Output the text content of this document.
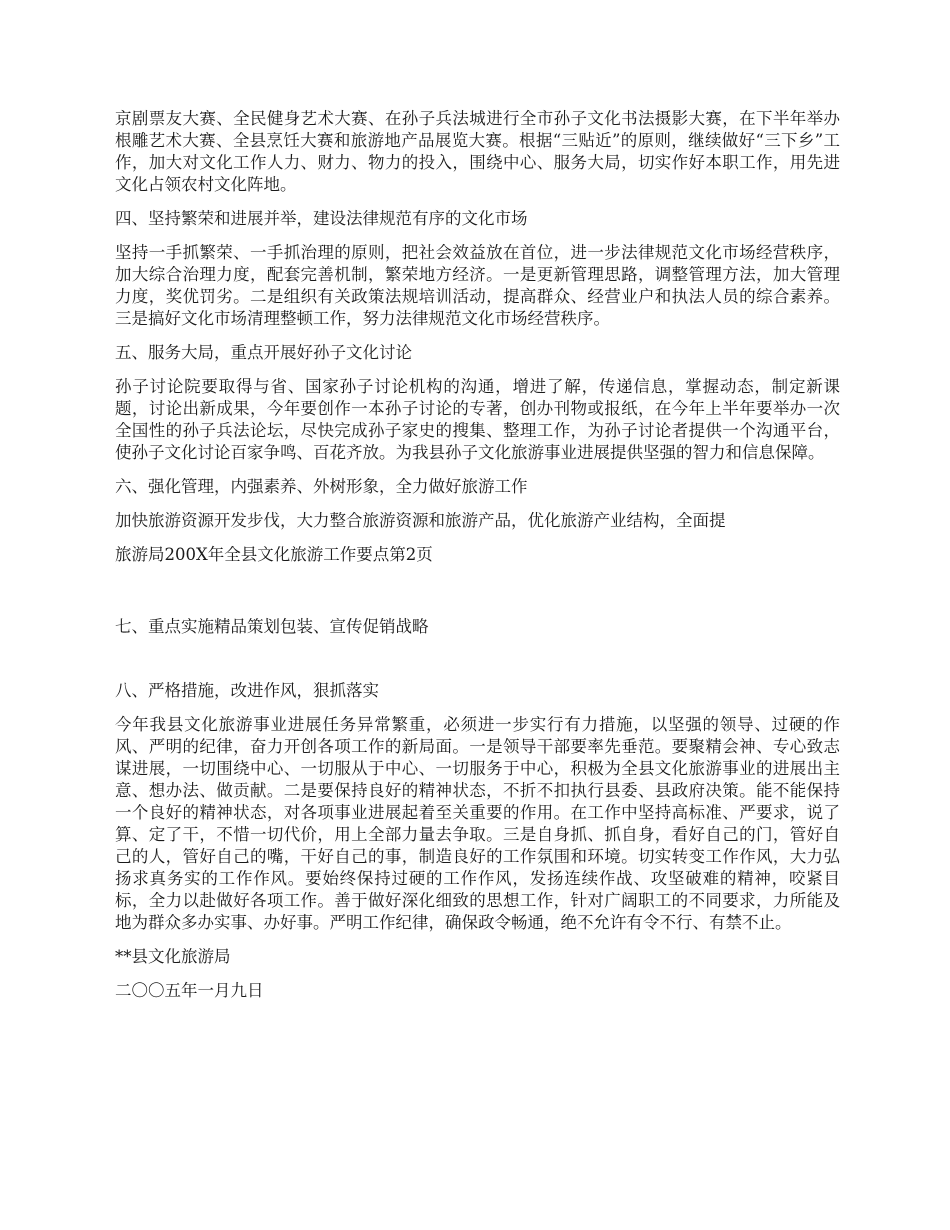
京剧票友大赛、全民健身艺术大赛、在孙子兵法城进行全市孙子文化书法摄影大赛，在下半年举办根雕艺术大赛、全县烹饪大赛和旅游地产品展览大赛。根据“三贴近”的原则，继续做好“三下乡”工作，加大对文化工作人力、财力、物力的投入，围绕中心、服务大局，切实作好本职工作，用先进文化占领农村文化阵地。

四、坚持繁荣和进展并举，建设法律规范有序的文化市场

坚持一手抓繁荣、一手抓治理的原则，把社会效益放在首位，进一步法律规范文化市场经营秩序，加大综合治理力度，配套完善机制，繁荣地方经济。一是更新管理思路，调整管理方法，加大管理力度，奖优罚劣。二是组织有关政策法规培训活动，提高群众、经营业户和执法人员的综合素养。三是搞好文化市场清理整顿工作，努力法律规范文化市场经营秩序。

五、服务大局，重点开展好孙子文化讨论

孙子讨论院要取得与省、国家孙子讨论机构的沟通，增进了解，传递信息，掌握动态，制定新课题，讨论出新成果，今年要创作一本孙子讨论的专著，创办刊物或报纸，在今年上半年要举办一次全国性的孙子兵法论坛，尽快完成孙子家史的搜集、整理工作，为孙子讨论者提供一个沟通平台，使孙子文化讨论百家争鸣、百花齐放。为我县孙子文化旅游事业进展提供坚强的智力和信息保障。

六、强化管理，内强素养、外树形象，全力做好旅游工作

加快旅游资源开发步伐，大力整合旅游资源和旅游产品，优化旅游产业结构，全面提

旅游局200X年全县文化旅游工作要点第2页

七、重点实施精品策划包装、宣传促销战略

八、严格措施，改进作风，狠抓落实

今年我县文化旅游事业进展任务异常繁重，必须进一步实行有力措施，以坚强的领导、过硬的作风、严明的纪律，奋力开创各项工作的新局面。一是领导干部要率先垂范。要聚精会神、专心致志谋进展，一切围绕中心、一切服从于中心、一切服务于中心，积极为全县文化旅游事业的进展出主意、想办法、做贡献。二是要保持良好的精神状态，不折不扣执行县委、县政府决策。能不能保持一个良好的精神状态，对各项事业进展起着至关重要的作用。在工作中坚持高标准、严要求，说了算、定了干，不惜一切代价，用上全部力量去争取。三是自身抓、抓自身，看好自己的门，管好自己的人，管好自己的嘴，干好自己的事，制造良好的工作氛围和环境。切实转变工作作风，大力弘扬求真务实的工作作风。要始终保持过硬的工作作风，发扬连续作战、攻坚破难的精神，咬紧目标，全力以赴做好各项工作。善于做好深化细致的思想工作，针对广阔职工的不同要求，力所能及地为群众多办实事、办好事。严明工作纪律，确保政令畅通，绝不允许有令不行、有禁不止。

**县文化旅游局

二〇〇五年一月九日
